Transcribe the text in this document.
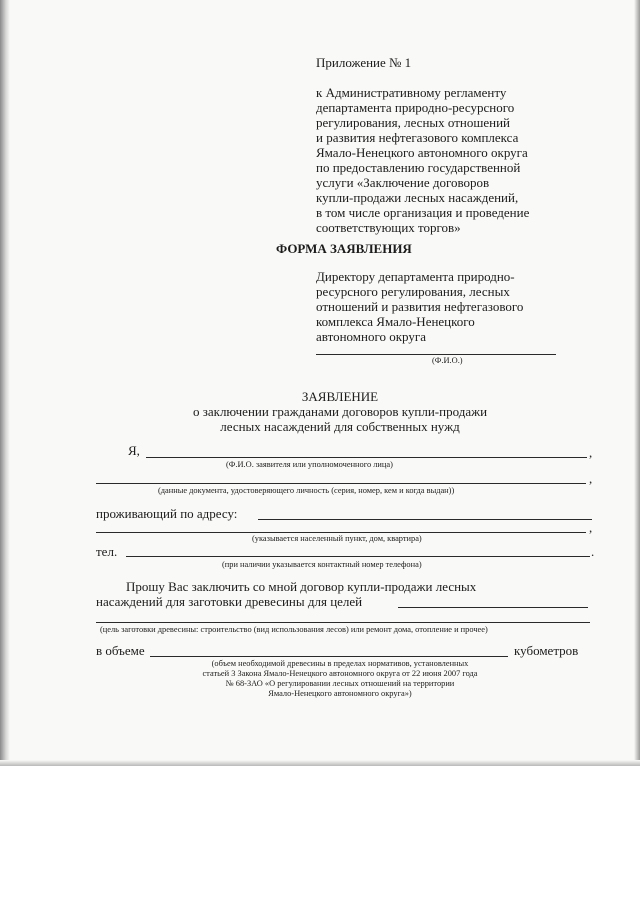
Приложение № 1
к Административному регламенту
департамента природно-ресурсного
регулирования, лесных отношений
и развития нефтегазового комплекса
Ямало-Ненецкого автономного округа
по предоставлению государственной
услуги «Заключение договоров
купли-продажи лесных насаждений,
в том числе организация и проведение
соответствующих торгов»
ФОРМА ЗАЯВЛЕНИЯ
Директору департамента природно-
ресурсного регулирования, лесных
отношений и развития нефтегазового
комплекса Ямало-Ненецкого
автономного округа
(Ф.И.О.)
ЗАЯВЛЕНИЕ
о заключении гражданами договоров купли-продажи
лесных насаждений для собственных нужд
Я,	,
(Ф.И.О. заявителя или уполномоченного лица)
,
(данные документа, удостоверяющего личность (серия, номер, кем и когда выдан))
проживающий по адресу:
,
(указывается населенный пункт, дом, квартира)
тел.	.
(при наличии указывается контактный номер телефона)
Прошу Вас заключить со мной договор купли-продажи лесных
насаждений для заготовки древесины для целей
(цель заготовки древесины: строительство (вид использования лесов) или ремонт дома, отопление и прочее)
в объеме	кубометров
(объем необходимой древесины в пределах нормативов, установленных
статьей 3 Закона Ямало-Ненецкого автономного округа от 22 июня 2007 года
№ 68-ЗАО «О регулировании лесных отношений на территории
Ямало-Ненецкого автономного округа»)
